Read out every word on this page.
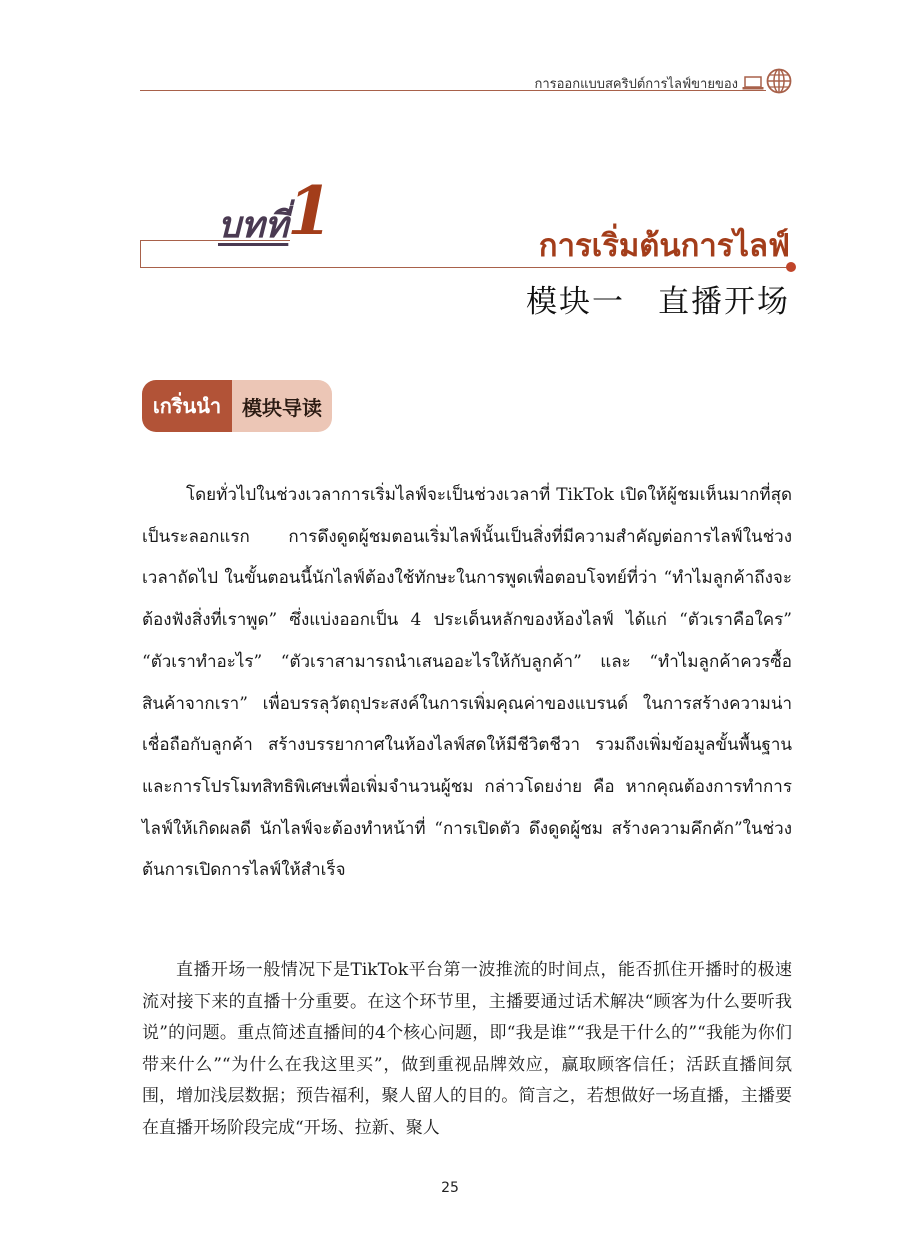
การออกแบบสคริปต์การไลฟ์ขายของ
บทที่
1	การเริ่มต้นการไลฟ์
模块一　直播开场
เกริ่นนำ	模块导读

โดยทั่วไปในช่วงเวลาการเริ่มไลฟ์จะเป็นช่วงเวลาที่ TikTok เปิดให้ผู้ชมเห็นมากที่สุดเป็นระลอกแรก การดึงดูดผู้ชมตอนเริ่มไลฟ์นั้นเป็นสิ่งที่มีความสำคัญต่อการไลฟ์ในช่วงเวลาถัดไป ในขั้นตอนนี้นักไลฟ์ต้องใช้ทักษะในการพูดเพื่อตอบโจทย์ที่ว่า “ทำไมลูกค้าถึงจะต้องฟังสิ่งที่เราพูด” ซึ่งแบ่งออกเป็น 4 ประเด็นหลักของห้องไลฟ์ ได้แก่ “ตัวเราคือใคร” “ตัวเราทำอะไร” “ตัวเราสามารถนำเสนออะไรให้กับลูกค้า” และ “ทำไมลูกค้าควรซื้อสินค้าจากเรา” เพื่อบรรลุวัตถุประสงค์ในการเพิ่มคุณค่าของแบรนด์ ในการสร้างความน่าเชื่อถือกับลูกค้า สร้างบรรยากาศในห้องไลฟ์สดให้มีชีวิตชีวา รวมถึงเพิ่มข้อมูลขั้นพื้นฐานและการโปรโมทสิทธิพิเศษเพื่อเพิ่มจำนวนผู้ชม กล่าวโดยง่าย คือ หากคุณต้องการทำการไลฟ์ให้เกิดผลดี นักไลฟ์จะต้องทำหน้าที่ “การเปิดตัว ดึงดูดผู้ชม สร้างความคึกคัก”ในช่วงต้นการเปิดการไลฟ์ให้สำเร็จ

直播开场一般情况下是TikTok平台第一波推流的时间点，能否抓住开播时的极速流对接下来的直播十分重要。在这个环节里，主播要通过话术解决“顾客为什么要听我说”的问题。重点简述直播间的4个核心问题，即“我是谁”“我是干什么的”“我能为你们带来什么”“为什么在我这里买”，做到重视品牌效应，赢取顾客信任；活跃直播间氛围，增加浅层数据；预告福利，聚人留人的目的。简言之，若想做好一场直播，主播要在直播开场阶段完成“开场、拉新、聚人

25
